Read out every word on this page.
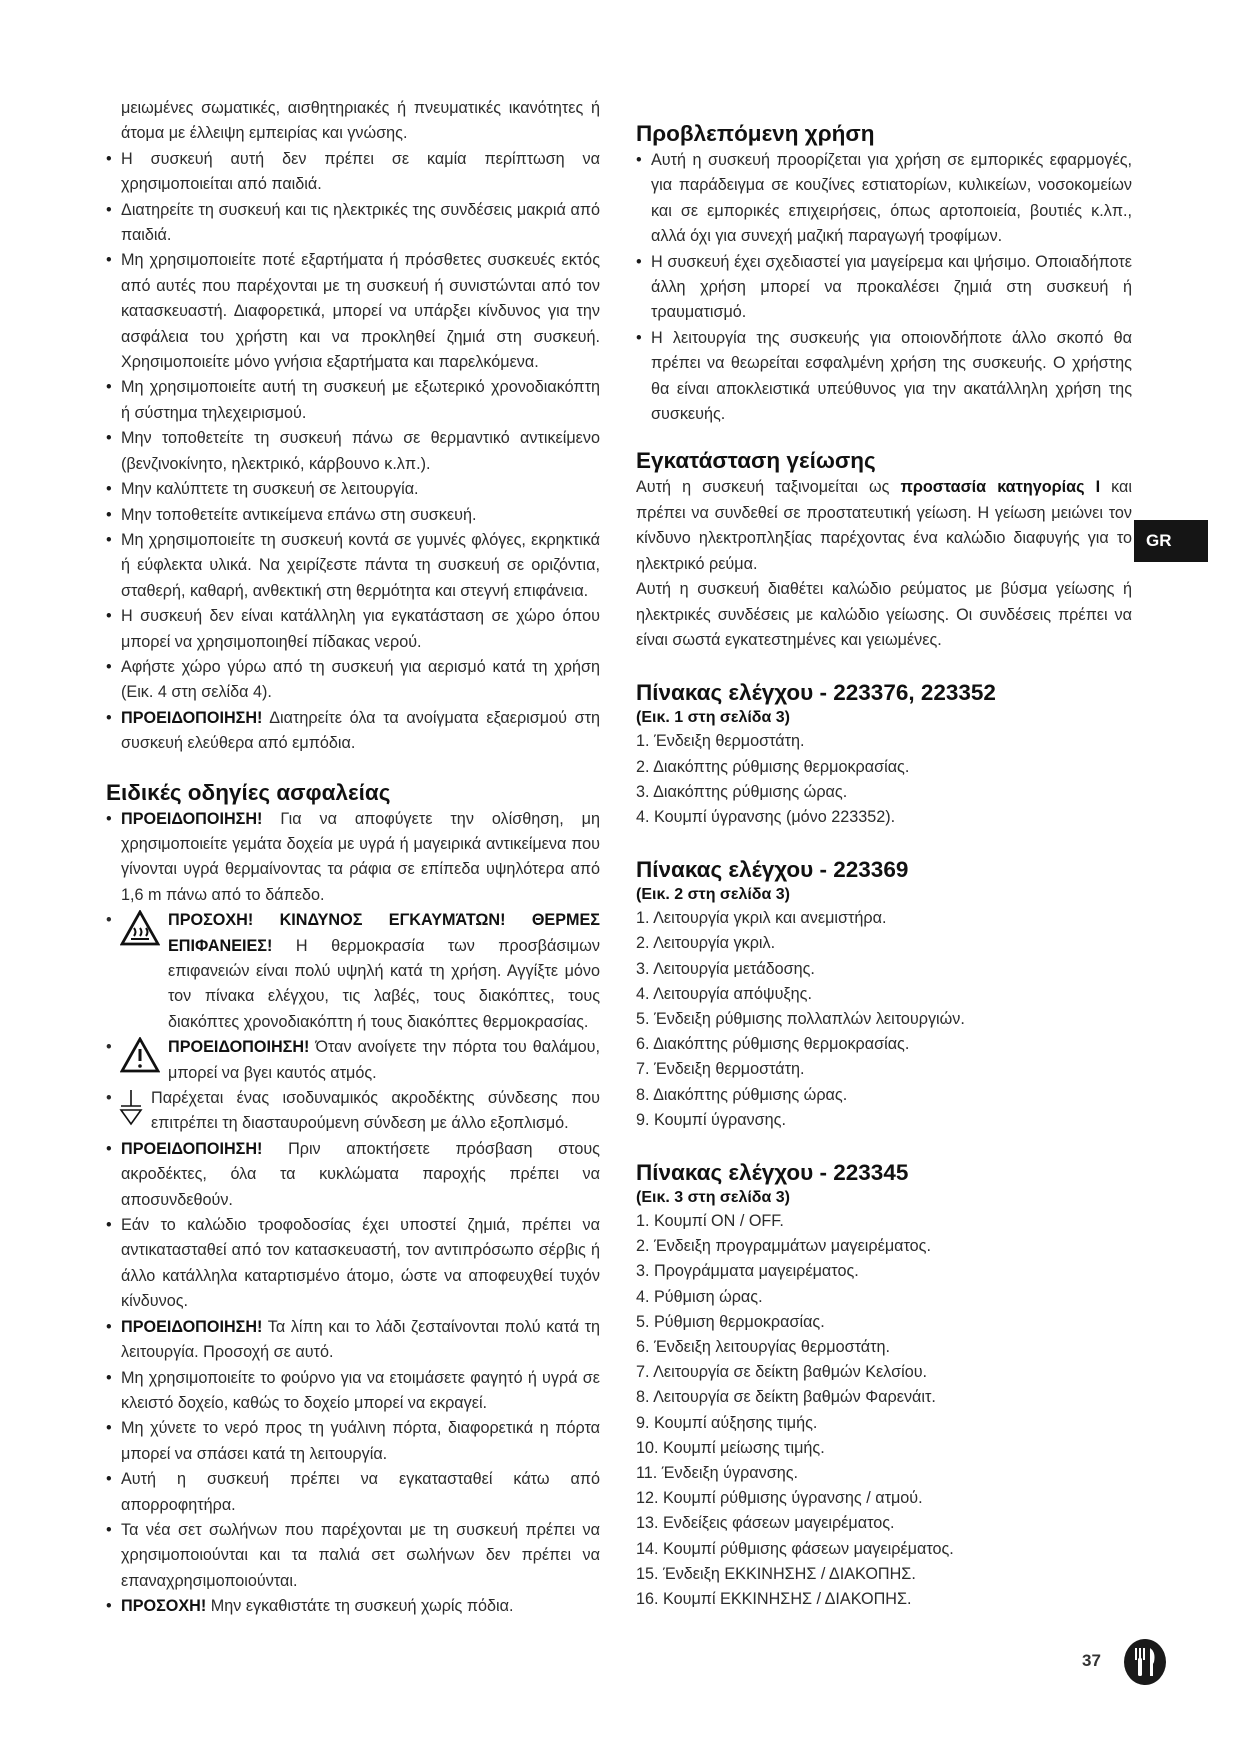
μειωμένες σωματικές, αισθητηριακές ή πνευματικές ικανότητες ή άτομα με έλλειψη εμπειρίας και γνώσης.

• Η συσκευή αυτή δεν πρέπει σε καμία περίπτωση να χρησιμοποιείται από παιδιά.

• Διατηρείτε τη συσκευή και τις ηλεκτρικές της συνδέσεις μακριά από παιδιά.

• Μη χρησιμοποιείτε ποτέ εξαρτήματα ή πρόσθετες συσκευές εκτός από αυτές που παρέχονται με τη συσκευή ή συνιστώνται από τον κατασκευαστή. Διαφορετικά, μπορεί να υπάρξει κίνδυνος για την ασφάλεια του χρήστη και να προκληθεί ζημιά στη συσκευή. Χρησιμοποιείτε μόνο γνήσια εξαρτήματα και παρελκόμενα.

• Μη χρησιμοποιείτε αυτή τη συσκευή με εξωτερικό χρονοδιακόπτη ή σύστημα τηλεχειρισμού.

• Μην τοποθετείτε τη συσκευή πάνω σε θερμαντικό αντικείμενο (βενζινοκίνητο, ηλεκτρικό, κάρβουνο κ.λπ.).

• Μην καλύπτετε τη συσκευή σε λειτουργία.

• Μην τοποθετείτε αντικείμενα επάνω στη συσκευή.

• Μη χρησιμοποιείτε τη συσκευή κοντά σε γυμνές φλόγες, εκρηκτικά ή εύφλεκτα υλικά. Να χειρίζεστε πάντα τη συσκευή σε οριζόντια, σταθερή, καθαρή, ανθεκτική στη θερμότητα και στεγνή επιφάνεια.

• Η συσκευή δεν είναι κατάλληλη για εγκατάσταση σε χώρο όπου μπορεί να χρησιμοποιηθεί πίδακας νερού.

• Αφήστε χώρο γύρω από τη συσκευή για αερισμό κατά τη χρήση (Εικ. 4 στη σελίδα 4).

• ΠΡΟΕΙΔΟΠΟΙΗΣΗ! Διατηρείτε όλα τα ανοίγματα εξαερισμού στη συσκευή ελεύθερα από εμπόδια.

Ειδικές οδηγίες ασφαλείας

• ΠΡΟΕΙΔΟΠΟΙΗΣΗ! Για να αποφύγετε την ολίσθηση, μη χρησιμοποιείτε γεμάτα δοχεία με υγρά ή μαγειρικά αντικείμενα που γίνονται υγρά θερμαίνοντας τα ράφια σε επίπεδα υψηλότερα από 1,6 m πάνω από το δάπεδο.

• ΠΡΟΣΟΧΗ! ΚΙΝΔΥΝΟΣ ΕΓΚΑΥΜΆΤΩΝ! ΘΕΡΜΕΣ ΕΠΙΦΑΝΕΙΕΣ! Η θερμοκρασία των προσβάσιμων επιφανειών είναι πολύ υψηλή κατά τη χρήση. Αγγίξτε μόνο τον πίνακα ελέγχου, τις λαβές, τους διακόπτες, τους διακόπτες χρονοδιακόπτη ή τους διακόπτες θερμοκρασίας.

• ΠΡΟΕΙΔΟΠΟΙΗΣΗ! Όταν ανοίγετε την πόρτα του θαλάμου, μπορεί να βγει καυτός ατμός.

• Παρέχεται ένας ισοδυναμικός ακροδέκτης σύνδεσης που επιτρέπει τη διασταυρούμενη σύνδεση με άλλο εξοπλισμό.

• ΠΡΟΕΙΔΟΠΟΙΗΣΗ! Πριν αποκτήσετε πρόσβαση στους ακροδέκτες, όλα τα κυκλώματα παροχής πρέπει να αποσυνδεθούν.

• Εάν το καλώδιο τροφοδοσίας έχει υποστεί ζημιά, πρέπει να αντικατασταθεί από τον κατασκευαστή, τον αντιπρόσωπο σέρβις ή άλλο κατάλληλα καταρτισμένο άτομο, ώστε να αποφευχθεί τυχόν κίνδυνος.

• ΠΡΟΕΙΔΟΠΟΙΗΣΗ! Τα λίπη και το λάδι ζεσταίνονται πολύ κατά τη λειτουργία. Προσοχή σε αυτό.

• Μη χρησιμοποιείτε το φούρνο για να ετοιμάσετε φαγητό ή υγρά σε κλειστό δοχείο, καθώς το δοχείο μπορεί να εκραγεί.

• Μη χύνετε το νερό προς τη γυάλινη πόρτα, διαφορετικά η πόρτα μπορεί να σπάσει κατά τη λειτουργία.

• Αυτή η συσκευή πρέπει να εγκατασταθεί κάτω από απορροφητήρα.

• Τα νέα σετ σωλήνων που παρέχονται με τη συσκευή πρέπει να χρησιμοποιούνται και τα παλιά σετ σωλήνων δεν πρέπει να επαναχρησιμοποιούνται.

• ΠΡΟΣΟΧΗ! Μην εγκαθιστάτε τη συσκευή χωρίς πόδια.

Προβλεπόμενη χρήση

• Αυτή η συσκευή προορίζεται για χρήση σε εμπορικές εφαρμογές, για παράδειγμα σε κουζίνες εστιατορίων, κυλικείων, νοσοκομείων και σε εμπορικές επιχειρήσεις, όπως αρτοποιεία, βουτιές κ.λπ., αλλά όχι για συνεχή μαζική παραγωγή τροφίμων.

• Η συσκευή έχει σχεδιαστεί για μαγείρεμα και ψήσιμο. Οποιαδήποτε άλλη χρήση μπορεί να προκαλέσει ζημιά στη συσκευή ή τραυματισμό.

• Η λειτουργία της συσκευής για οποιονδήποτε άλλο σκοπό θα πρέπει να θεωρείται εσφαλμένη χρήση της συσκευής. Ο χρήστης θα είναι αποκλειστικά υπεύθυνος για την ακατάλληλη χρήση της συσκευής.

Εγκατάσταση γείωσης

Αυτή η συσκευή ταξινομείται ως προστασία κατηγορίας I και πρέπει να συνδεθεί σε προστατευτική γείωση. Η γείωση μειώνει τον κίνδυνο ηλεκτροπληξίας παρέχοντας ένα καλώδιο διαφυγής για το ηλεκτρικό ρεύμα.

Αυτή η συσκευή διαθέτει καλώδιο ρεύματος με βύσμα γείωσης ή ηλεκτρικές συνδέσεις με καλώδιο γείωσης. Οι συνδέσεις πρέπει να είναι σωστά εγκατεστημένες και γειωμένες.

Πίνακας ελέγχου - 223376, 223352

(Εικ. 1 στη σελίδα 3)

1. Ένδειξη θερμοστάτη.

2. Διακόπτης ρύθμισης θερμοκρασίας.

3. Διακόπτης ρύθμισης ώρας.

4. Κουμπί ύγρανσης (μόνο 223352).

Πίνακας ελέγχου - 223369

(Εικ. 2 στη σελίδα 3)

1. Λειτουργία γκριλ και ανεμιστήρα.

2. Λειτουργία γκριλ.

3. Λειτουργία μετάδοσης.

4. Λειτουργία απόψυξης.

5. Ένδειξη ρύθμισης πολλαπλών λειτουργιών.

6. Διακόπτης ρύθμισης θερμοκρασίας.

7. Ένδειξη θερμοστάτη.

8. Διακόπτης ρύθμισης ώρας.

9. Κουμπί ύγρανσης.

Πίνακας ελέγχου - 223345

(Εικ. 3 στη σελίδα 3)

1. Κουμπί ON / OFF.

2. Ένδειξη προγραμμάτων μαγειρέματος.

3. Προγράμματα μαγειρέματος.

4. Ρύθμιση ώρας.

5. Ρύθμιση θερμοκρασίας.

6. Ένδειξη λειτουργίας θερμοστάτη.

7. Λειτουργία σε δείκτη βαθμών Κελσίου.

8. Λειτουργία σε δείκτη βαθμών Φαρενάιτ.

9. Κουμπί αύξησης τιμής.

10. Κουμπί μείωσης τιμής.

11. Ένδειξη ύγρανσης.

12. Κουμπί ρύθμισης ύγρανσης / ατμού.

13. Ενδείξεις φάσεων μαγειρέματος.

14. Κουμπί ρύθμισης φάσεων μαγειρέματος.

15. Ένδειξη ΕΚΚΙΝΗΣΗΣ / ΔΙΑΚΟΠΗΣ.

16. Κουμπί ΕΚΚΙΝΗΣΗΣ / ΔΙΑΚΟΠΗΣ.

GR
37
